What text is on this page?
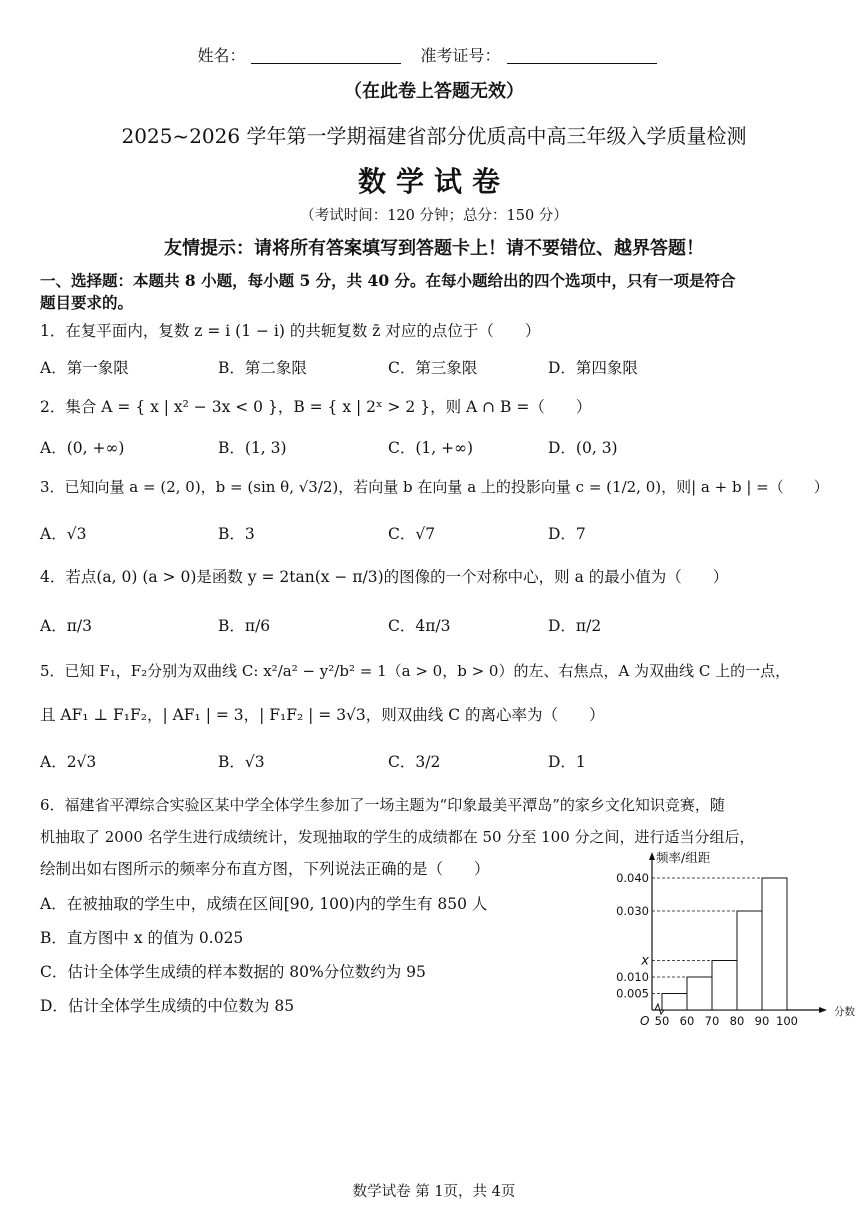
姓名：	准考证号：
（在此卷上答题无效）
2025~2026 学年第一学期福建省部分优质高中高三年级入学质量检测
数学试卷
（考试时间：120 分钟；总分：150 分）
友情提示：请将所有答案填写到答题卡上！请不要错位、越界答题！
一、选择题：本题共 8 小题，每小题 5 分，共 40 分。在每小题给出的四个选项中，只有一项是符合
题目要求的。
1．在复平面内，复数 z = i (1 − i) 的共轭复数 z̄ 对应的点位于（　　）
A．第一象限	B．第二象限	C．第三象限	D．第四象限
2．集合 A = { x | x² − 3x < 0 }，B = { x | 2ˣ > 2 }，则 A ∩ B =（　　）
A．(0, +∞)	B．(1, 3)	C．(1, +∞)	D．(0, 3)
3．已知向量 a = (2, 0)，b = (sin θ, √3/2)，若向量 b 在向量 a 上的投影向量 c = (1/2, 0)，则| a + b | =（　　）
A．√3	B．3	C．√7	D．7
4．若点(a, 0) (a > 0)是函数 y = 2tan(x − π/3)的图像的一个对称中心，则 a 的最小值为（　　）
A．π/3	B．π/6	C．4π/3	D．π/2
5．已知 F₁，F₂分别为双曲线 C: x²/a² − y²/b² = 1（a > 0，b > 0）的左、右焦点，A 为双曲线 C 上的一点，
且 AF₁ ⊥ F₁F₂，| AF₁ | = 3，| F₁F₂ | = 3√3，则双曲线 C 的离心率为（　　）
A．2√3	B．√3	C．3/2	D．1
6．福建省平潭综合实验区某中学全体学生参加了一场主题为“印象最美平潭岛”的家乡文化知识竞赛，随
机抽取了 2000 名学生进行成绩统计，发现抽取的学生的成绩都在 50 分至 100 分之间，进行适当分组后，
绘制出如右图所示的频率分布直方图，下列说法正确的是（　　）
A．在被抽取的学生中，成绩在区间[90, 100)内的学生有 850 人
B．直方图中 x 的值为 0.025
C．估计全体学生成绩的样本数据的 80%分位数约为 95
D．估计全体学生成绩的中位数为 85
0.040
0.030
x
0.010
0.005
50 60 70 80 90 100
O
分数
频率/组距
数学试卷 第 1页，共 4页
